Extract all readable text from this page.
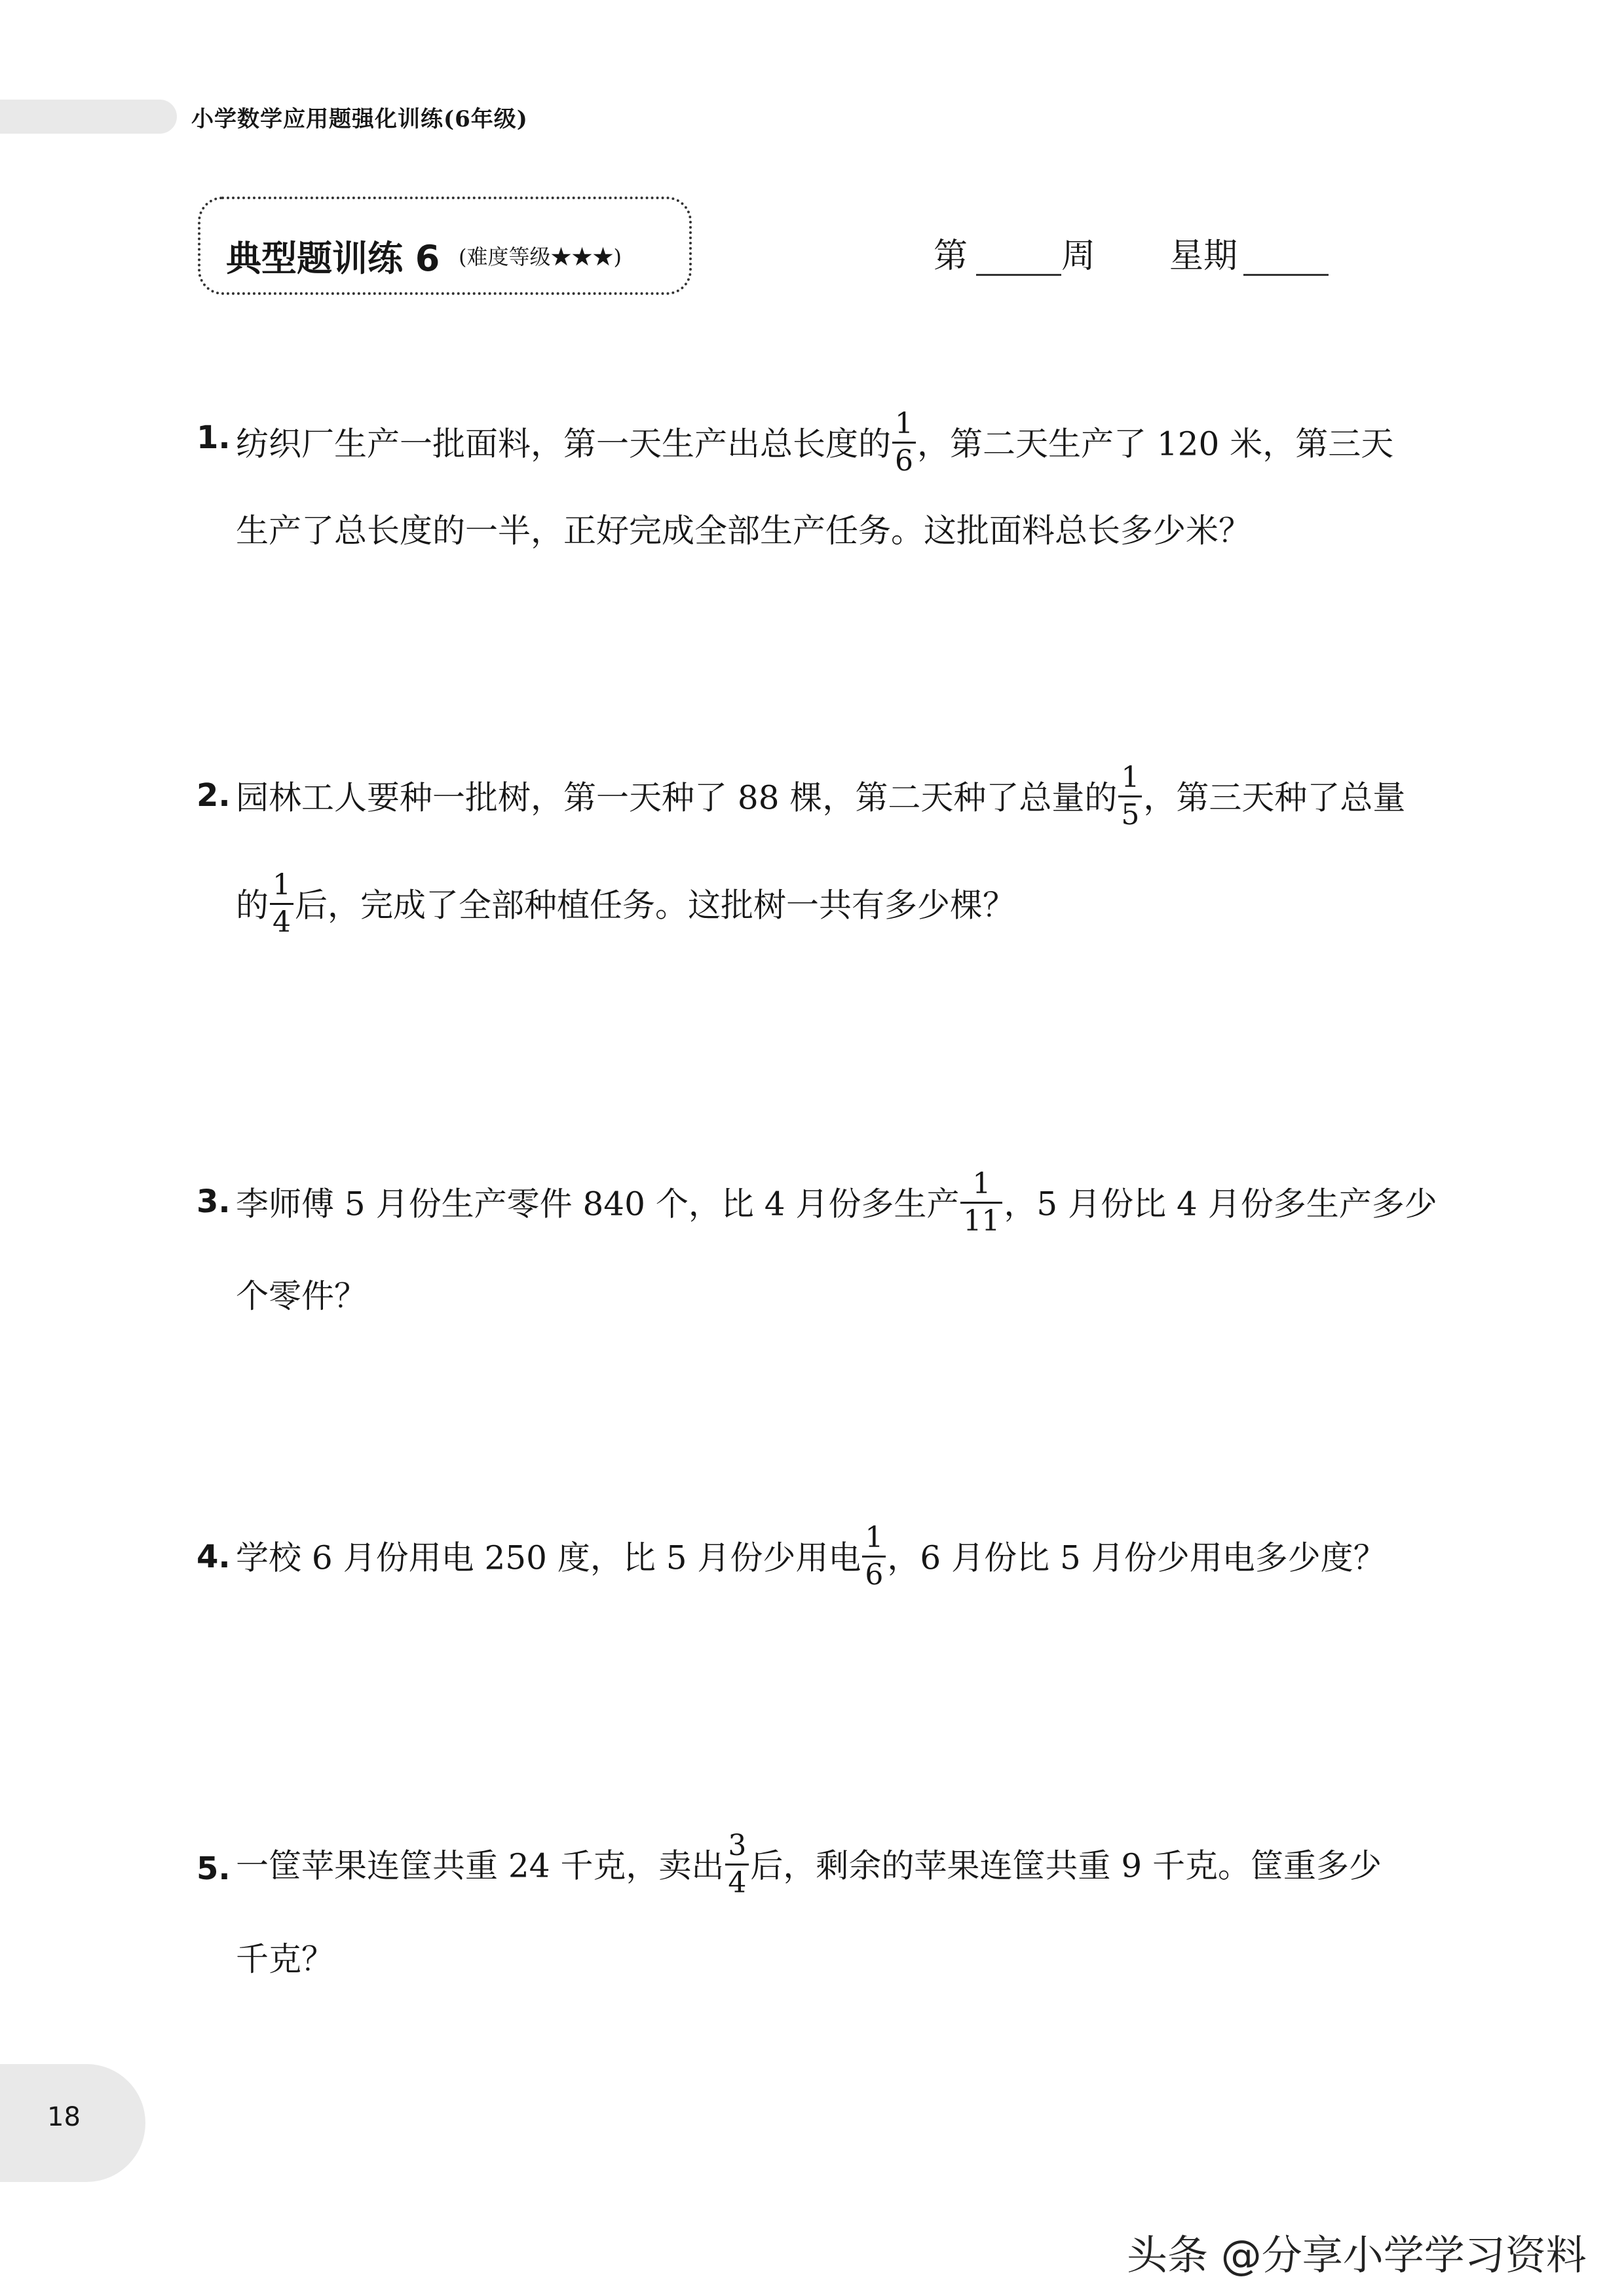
小学数学应用题强化训练(6年级)
典型题训练 6 (难度等级★★★)	第	周 星期
1. 纺织厂生产一批面料，第一天生产出总长度的 $\frac{1}{6}$ ，第二天生产了 120 米，第三天
生产了总长度的一半，正好完成全部生产任务。这批面料总长多少米？
2. 园林工人要种一批树，第一天种了 88 棵，第二天种了总量的 $\frac{1}{5}$ ，第三天种了总量
的 $\frac{1}{4}$ 后，完成了全部种植任务。这批树一共有多少棵？
3. 李师傅 5 月份生产零件 840 个，比 4 月份多生产 $\frac{1}{11}$ ，5 月份比 4 月份多生产多少
个零件？
4. 学校 6 月份用电 250 度，比 5 月份少用电 $\frac{1}{6}$ ，6 月份比 5 月份少用电多少度？
5. 一筐苹果连筐共重 24 千克，卖出 $\frac{3}{4}$ 后，剩余的苹果连筐共重 9 千克。筐重多少
千克？
18
头条 @分享小学学习资料
